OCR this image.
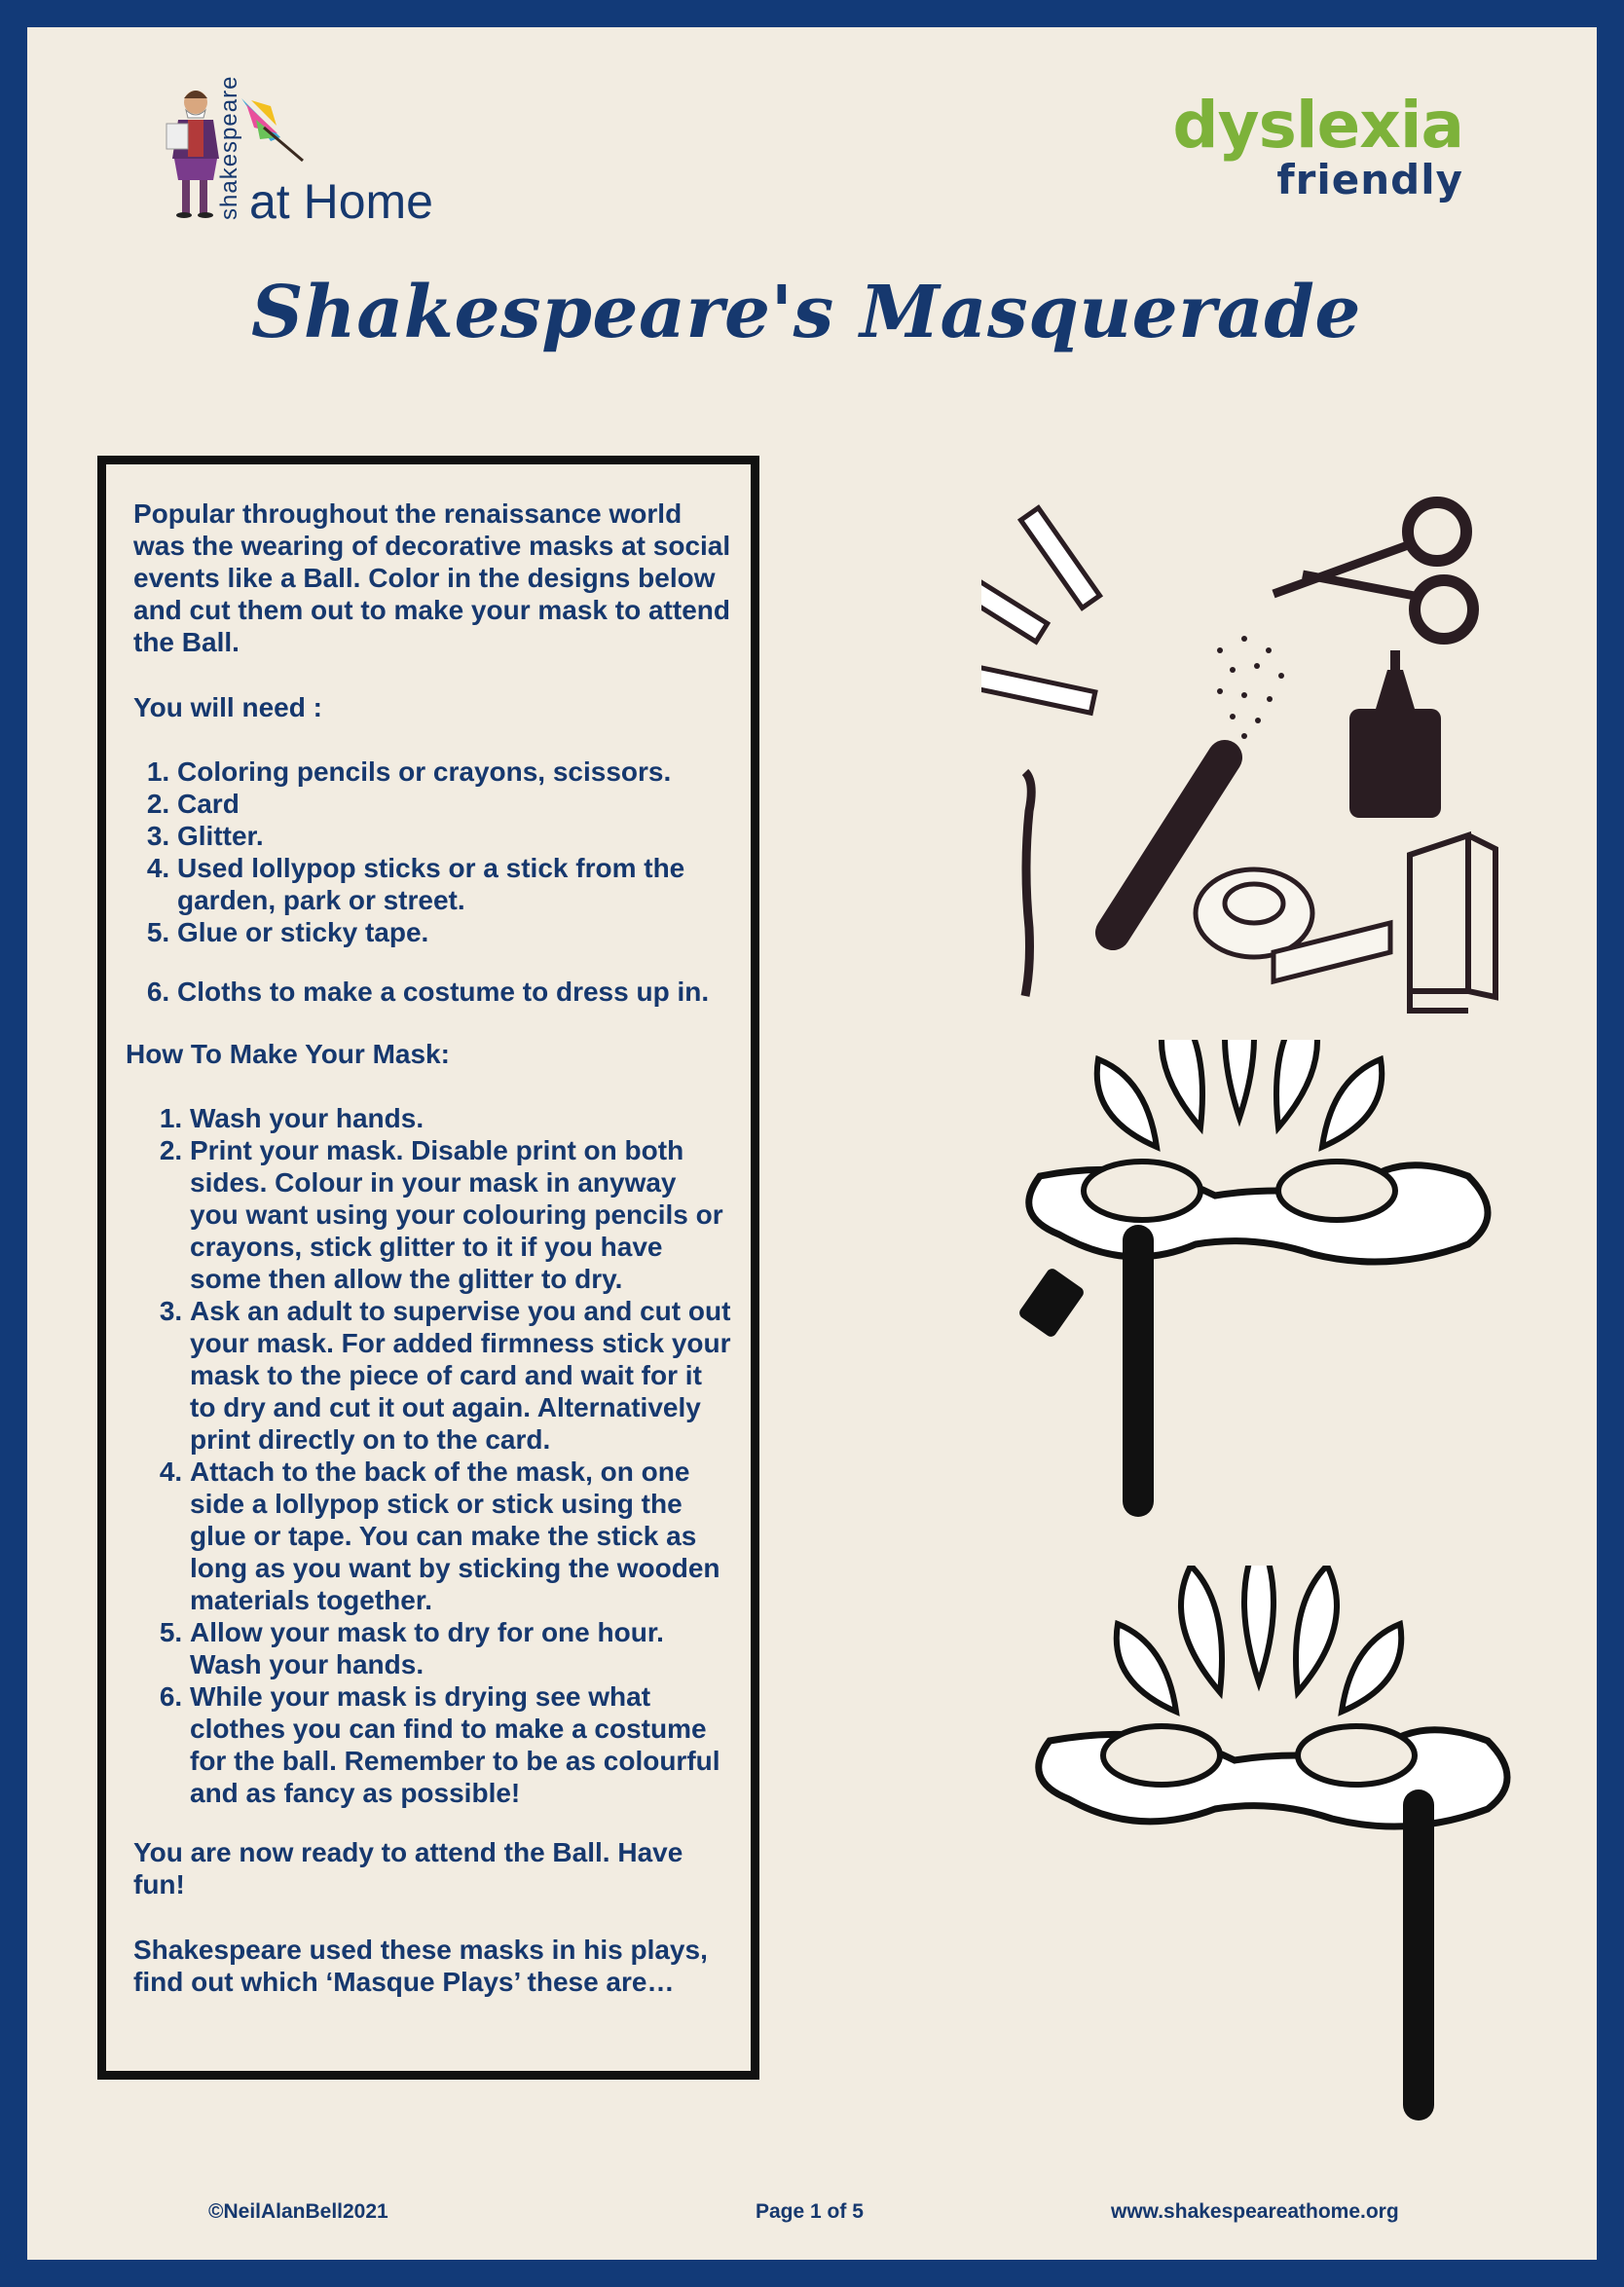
shakespeare at Home
dyslexia
friendly
Shakespeare's Masquerade

Popular throughout the renaissance world was the wearing of decorative masks at social events like a Ball. Color in the designs below and cut them out to make your mask to attend the Ball.

You will need :

1. Coloring pencils or crayons, scissors.
2. Card
3. Glitter.
4. Used lollypop sticks or a stick from the garden, park or street.
5. Glue or sticky tape.
6. Cloths to make a costume to dress up in.

How To Make Your Mask:

1. Wash your hands.
2. Print your mask. Disable print on both sides. Colour in your mask in anyway you want using your colouring pencils or crayons, stick glitter to it if you have some then allow the glitter to dry.
3. Ask an adult to supervise you and cut out your mask. For added firmness stick your mask to the piece of card and wait for it to dry and cut it out again. Alternatively print directly on to the card.
4. Attach to the back of the mask, on one side a lollypop stick or stick using the glue or tape. You can make the stick as long as you want by sticking the wooden materials together.
5. Allow your mask to dry for one hour. Wash your hands.
6. While your mask is drying see what clothes you can find to make a costume for the ball. Remember to be as colourful and as fancy as possible!

You are now ready to attend the Ball. Have fun!

Shakespeare used these masks in his plays, find out which ‘Masque Plays’ these are…

©NeilAlanBell2021	Page 1 of 5	www.shakespeareathome.org
